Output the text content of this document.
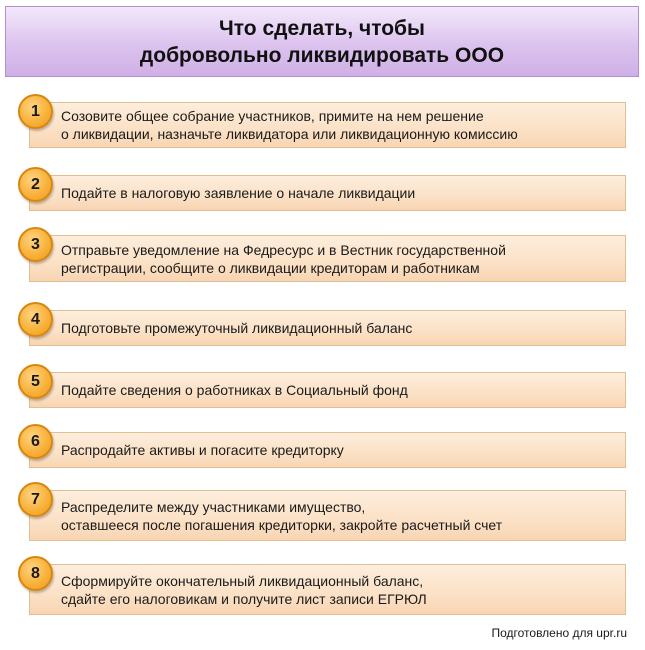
Что сделать, чтобы
добровольно ликвидировать ООО
Созовите общее собрание участников, примите на нем решение
о ликвидации, назначьте ликвидатора или ликвидационную комиссию
1
Подайте в налоговую заявление о начале ликвидации
2
Отправьте уведомление на Федресурс и в Вестник государственной
регистрации, сообщите о ликвидации кредиторам и работникам
3
Подготовьте промежуточный ликвидационный баланс
4
Подайте сведения о работниках в Социальный фонд
5
Распродайте активы и погасите кредиторку
6
Распределите между участниками имущество,
оставшееся после погашения кредиторки, закройте расчетный счет
7
Сформируйте окончательный ликвидационный баланс,
сдайте его налоговикам и получите лист записи ЕГРЮЛ
8
Подготовлено для upr.ru
